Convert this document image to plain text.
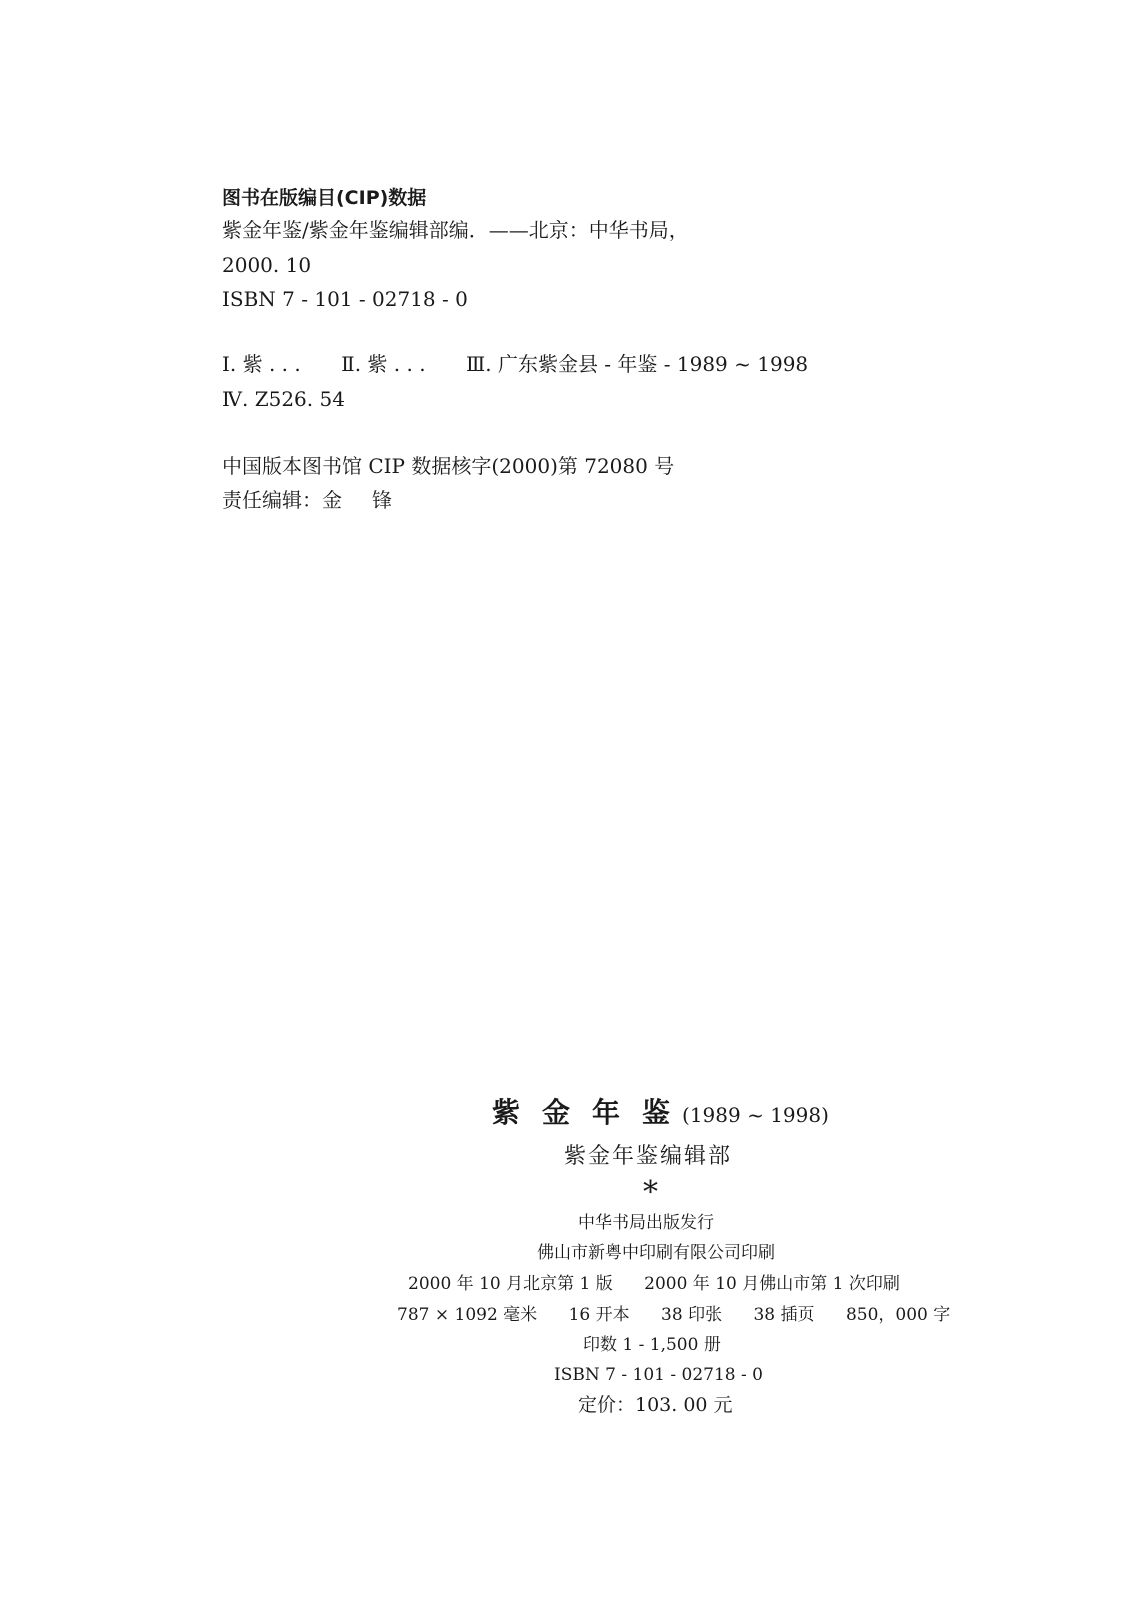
图书在版编目(CIP)数据
紫金年鉴/紫金年鉴编辑部编．——北京：中华书局，
2000. 10
ISBN 7 - 101 - 02718 - 0
Ⅰ. 紫 . . . Ⅱ. 紫 . . . Ⅲ. 广东紫金县 - 年鉴 - 1989 ~ 1998
Ⅳ. Z526. 54
中国版本图书馆 CIP 数据核字(2000)第 72080 号
责任编辑：金 锋
紫金年鉴(1989 ~ 1998)
紫金年鉴编辑部
*
中华书局出版发行
佛山市新粤中印刷有限公司印刷
2000 年 10 月北京第 1 版 2000 年 10 月佛山市第 1 次印刷
787 × 1092 毫米 16 开本 38 印张 38 插页 850，000 字
印数 1 - 1,500 册
ISBN 7 - 101 - 02718 - 0
定价：103. 00 元
